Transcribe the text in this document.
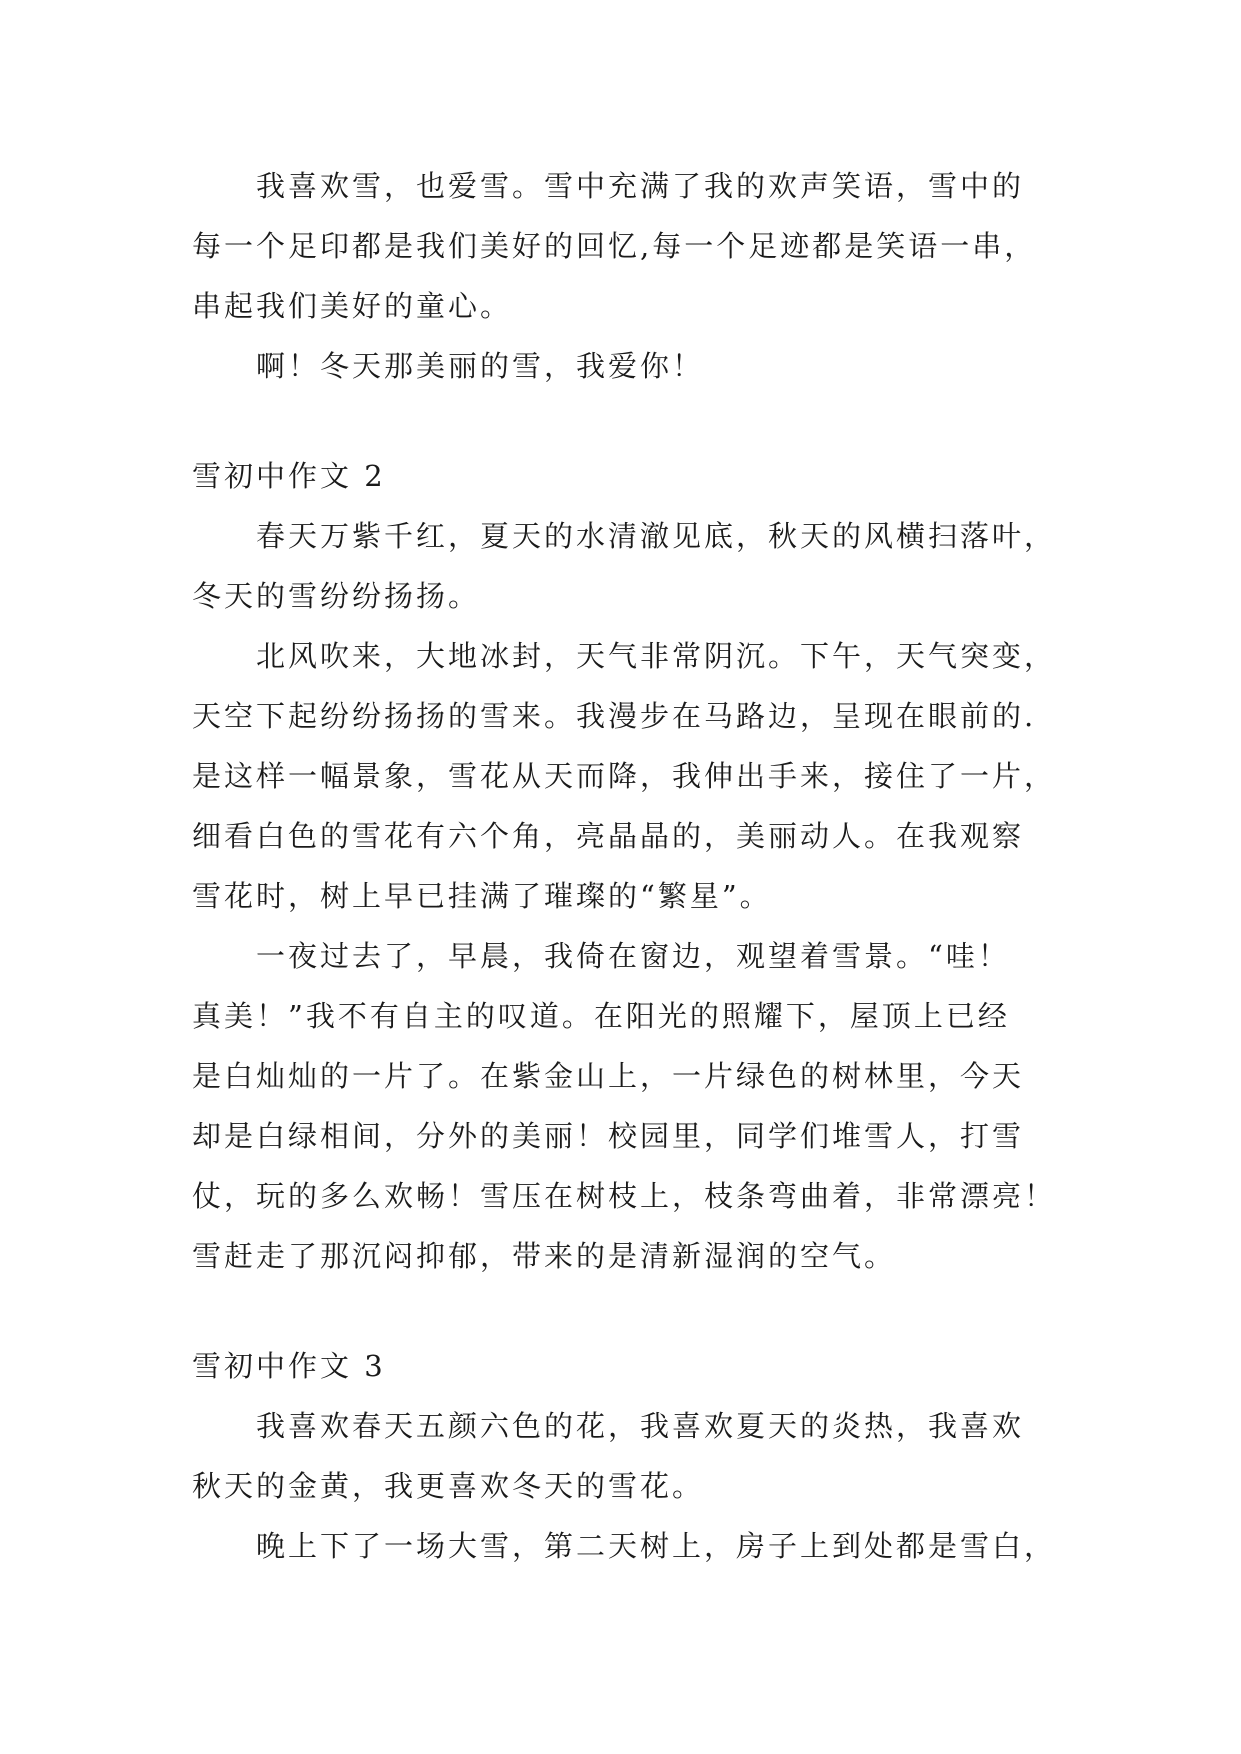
我喜欢雪，也爱雪。雪中充满了我的欢声笑语，雪中的
每一个足印都是我们美好的回忆,每一个足迹都是笑语一串，
串起我们美好的童心。
啊！冬天那美丽的雪，我爱你！
雪初中作文 2
春天万紫千红，夏天的水清澈见底，秋天的风横扫落叶，
冬天的雪纷纷扬扬。
北风吹来，大地冰封，天气非常阴沉。下午，天气突变，
天空下起纷纷扬扬的雪来。我漫步在马路边，呈现在眼前的.
是这样一幅景象，雪花从天而降，我伸出手来，接住了一片，
细看白色的雪花有六个角，亮晶晶的，美丽动人。在我观察
雪花时，树上早已挂满了璀璨的“繁星”。
一夜过去了，早晨，我倚在窗边，观望着雪景。“哇！
真美！”我不有自主的叹道。在阳光的照耀下，屋顶上已经
是白灿灿的一片了。在紫金山上，一片绿色的树林里，今天
却是白绿相间，分外的美丽！校园里，同学们堆雪人，打雪
仗，玩的多么欢畅！雪压在树枝上，枝条弯曲着，非常漂亮！
雪赶走了那沉闷抑郁，带来的是清新湿润的空气。
雪初中作文 3
我喜欢春天五颜六色的花，我喜欢夏天的炎热，我喜欢
秋天的金黄，我更喜欢冬天的雪花。
晚上下了一场大雪，第二天树上，房子上到处都是雪白，
